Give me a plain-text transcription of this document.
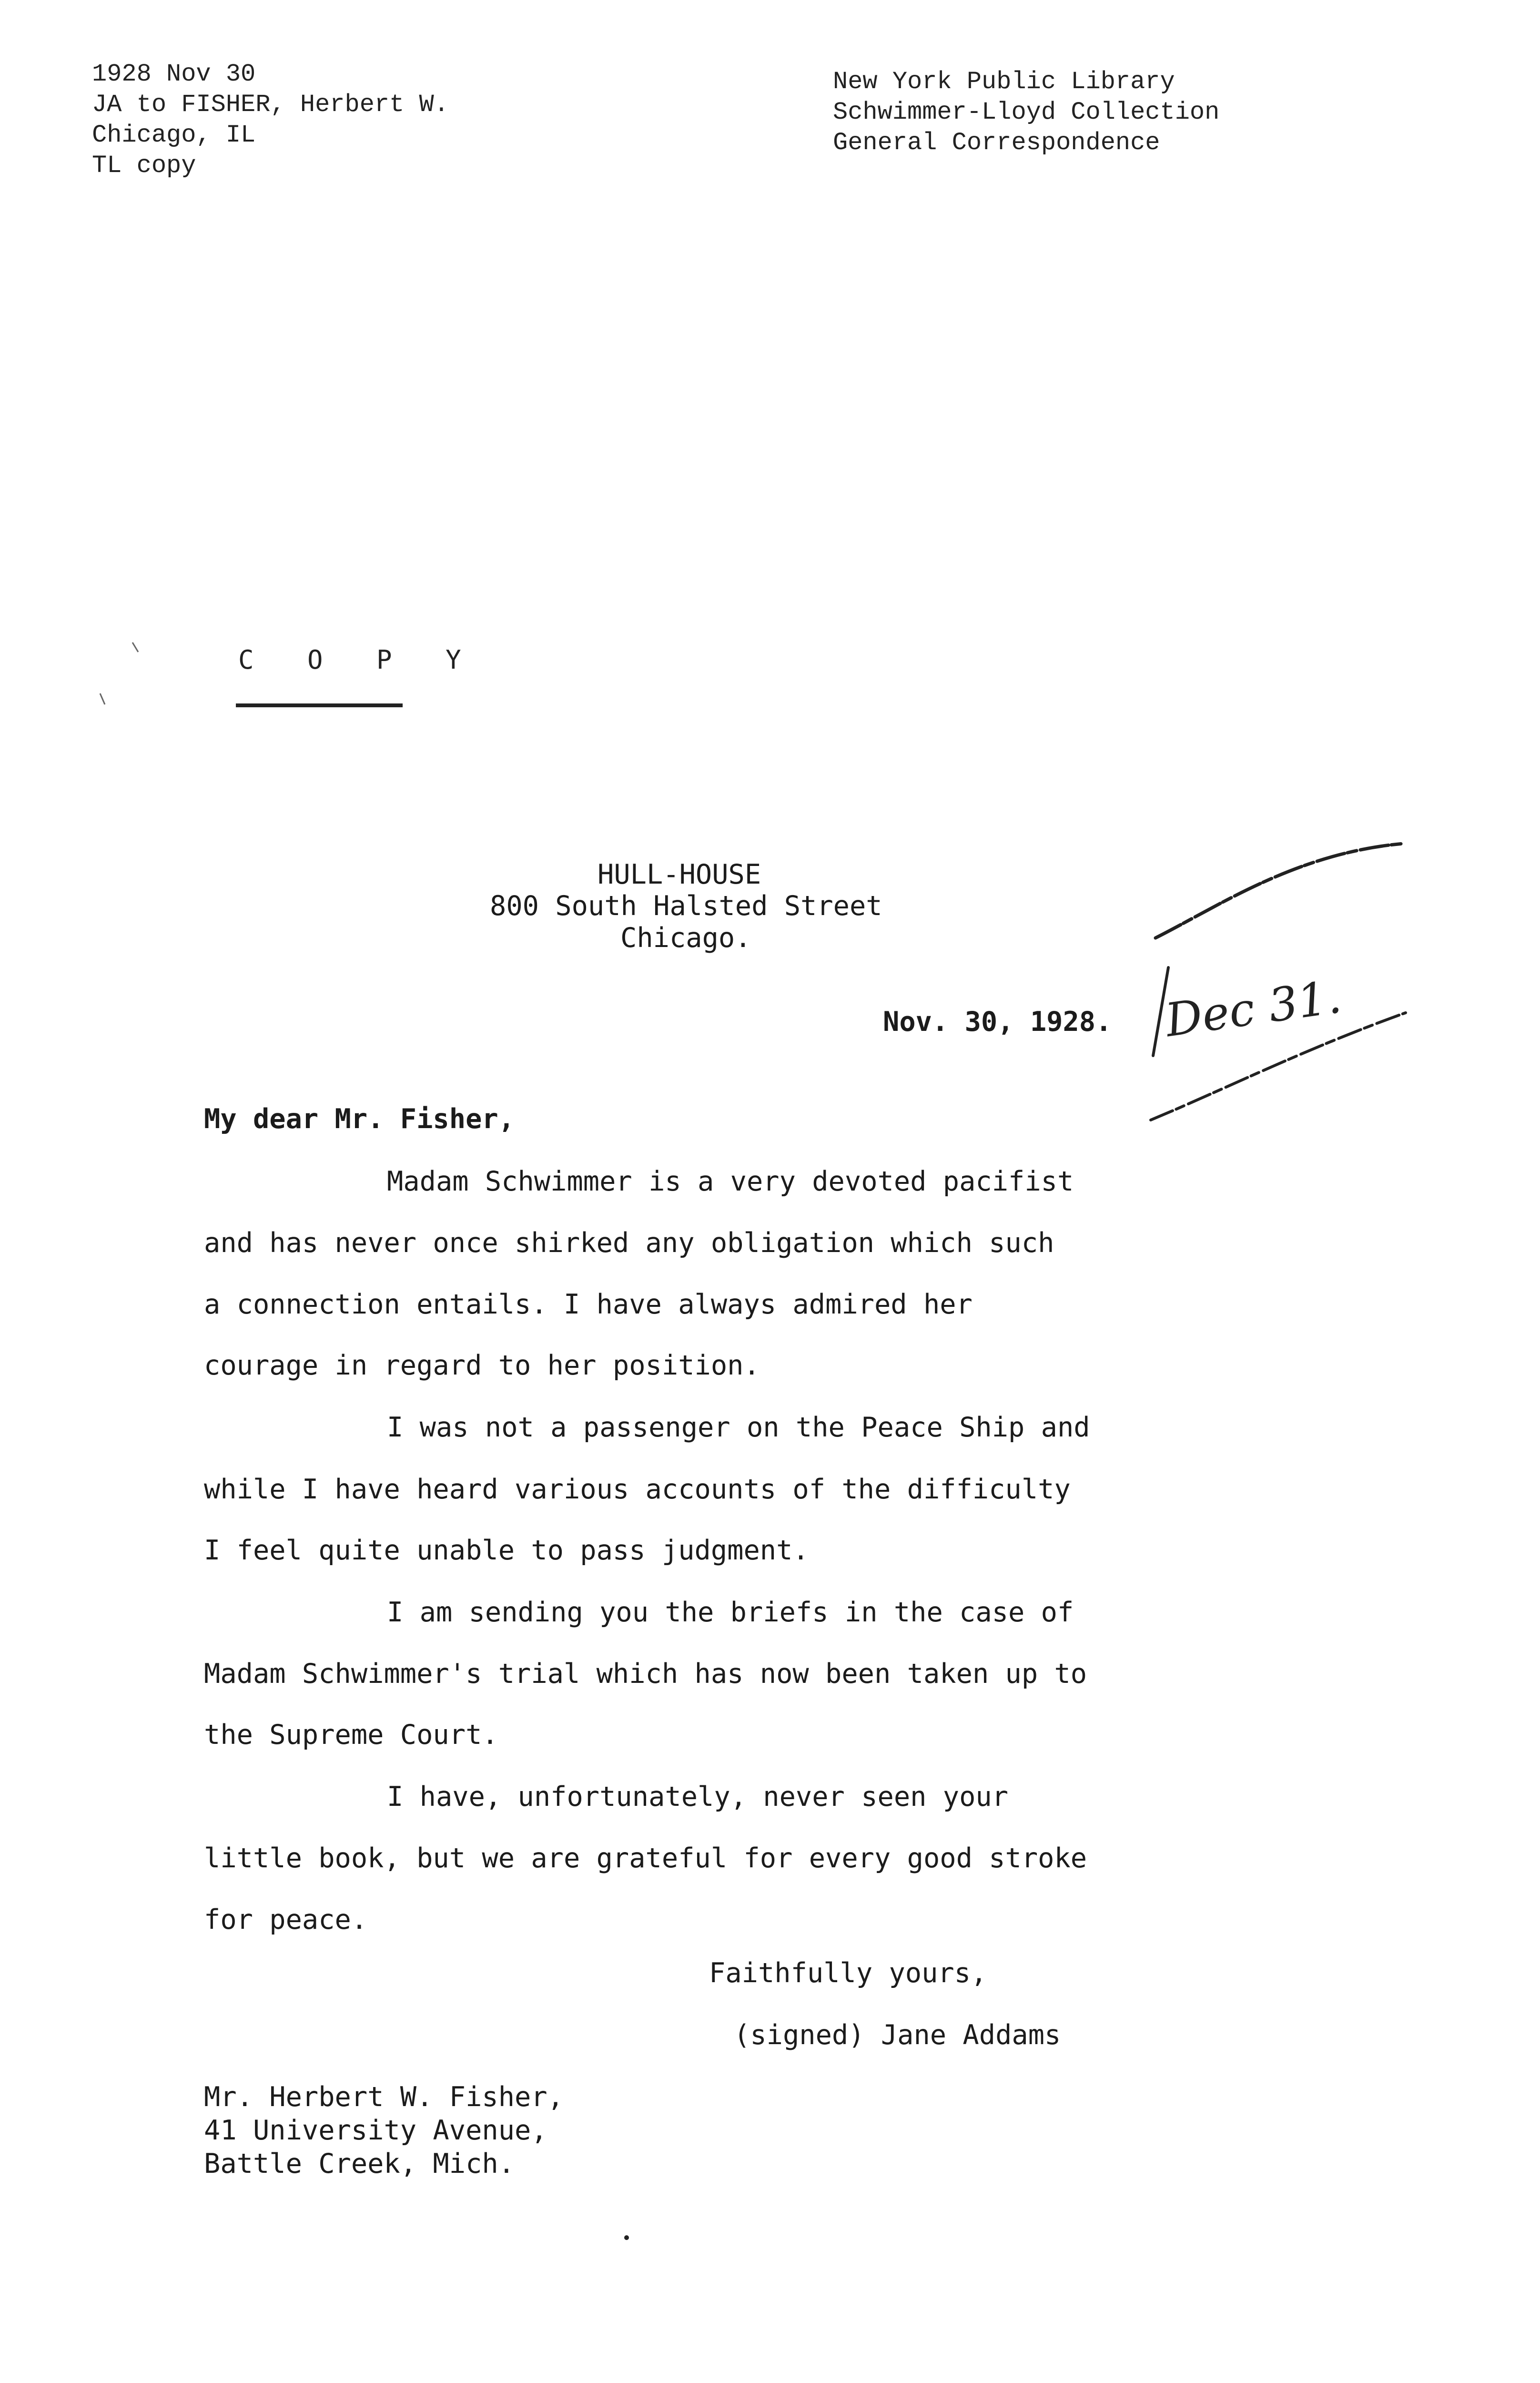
1928 Nov 30
JA to FISHER, Herbert W.
Chicago, IL
TL copy
New York Public Library
Schwimmer-Lloyd Collection
General Correspondence
C O P Y
HULL-HOUSE
800 South Halsted Street
Chicago.
Nov. 30, 1928. Dec 31.
My dear Mr. Fisher,
Madam Schwimmer is a very devoted pacifist
and has never once shirked any obligation which such
a connection entails. I have always admired her
courage in regard to her position.
I was not a passenger on the Peace Ship and
while I have heard various accounts of the difficulty
I feel quite unable to pass judgment.
I am sending you the briefs in the case of
Madam Schwimmer's trial which has now been taken up to
the Supreme Court.
I have, unfortunately, never seen your
little book, but we are grateful for every good stroke
for peace.
Faithfully yours,
(signed) Jane Addams
Mr. Herbert W. Fisher,
41 University Avenue,
Battle Creek, Mich.
